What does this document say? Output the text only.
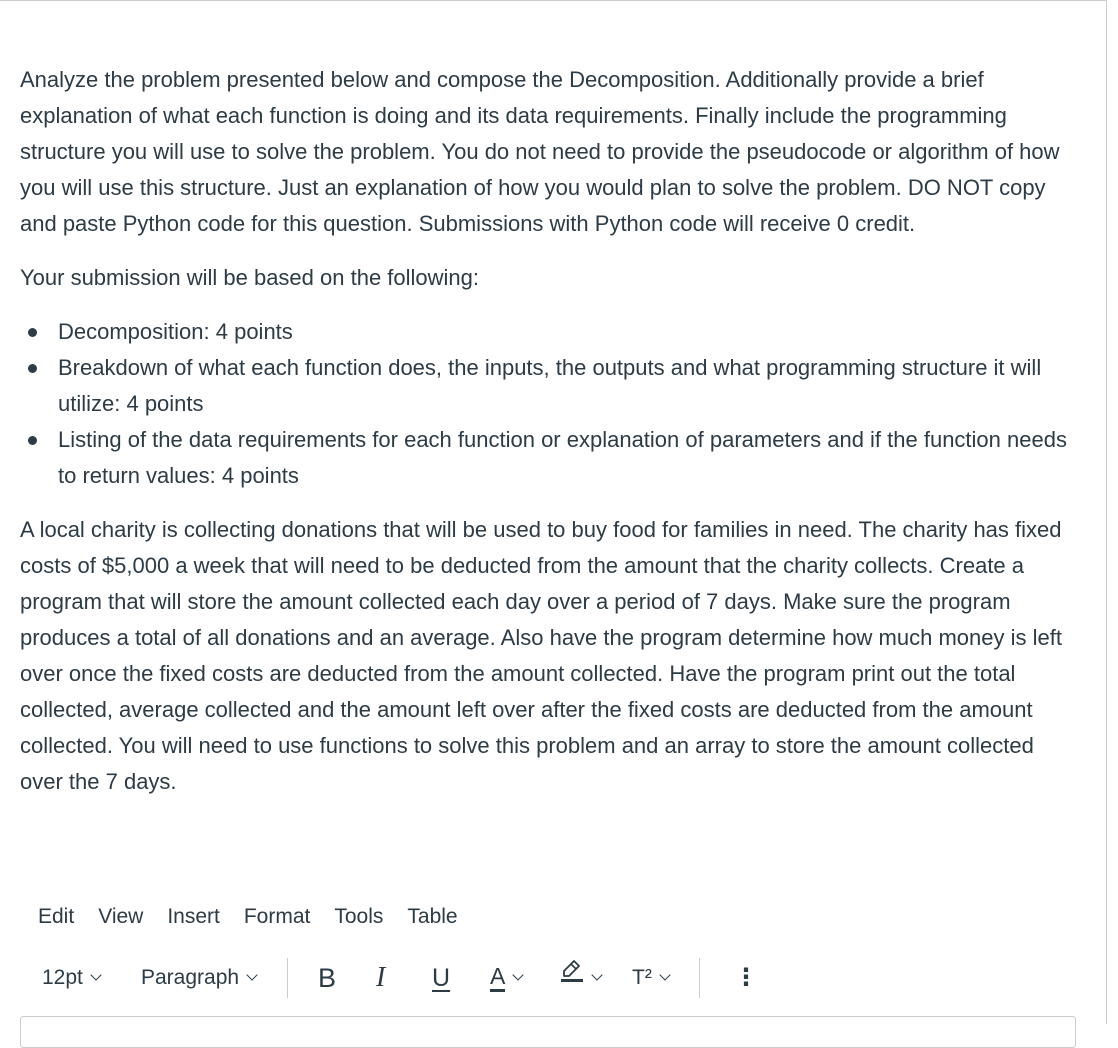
Analyze the problem presented below and compose the Decomposition. Additionally provide a brief explanation of what each function is doing and its data requirements. Finally include the programming structure you will use to solve the problem. You do not need to provide the pseudocode or algorithm of how you will use this structure. Just an explanation of how you would plan to solve the problem. DO NOT copy and paste Python code for this question. Submissions with Python code will receive 0 credit.

Your submission will be based on the following:

Decomposition: 4 points
Breakdown of what each function does, the inputs, the outputs and what programming structure it will utilize: 4 points
Listing of the data requirements for each function or explanation of parameters and if the function needs to return values: 4 points

A local charity is collecting donations that will be used to buy food for families in need. The charity has fixed costs of $5,000 a week that will need to be deducted from the amount that the charity collects. Create a program that will store the amount collected each day over a period of 7 days. Make sure the program produces a total of all donations and an average. Also have the program determine how much money is left over once the fixed costs are deducted from the amount collected. Have the program print out the total collected, average collected and the amount left over after the fixed costs are deducted from the amount collected. You will need to use functions to solve this problem and an array to store the amount collected over the 7 days.

Edit View Insert Format Tools Table
12pt	Paragraph	B I U A	T²	⋮
